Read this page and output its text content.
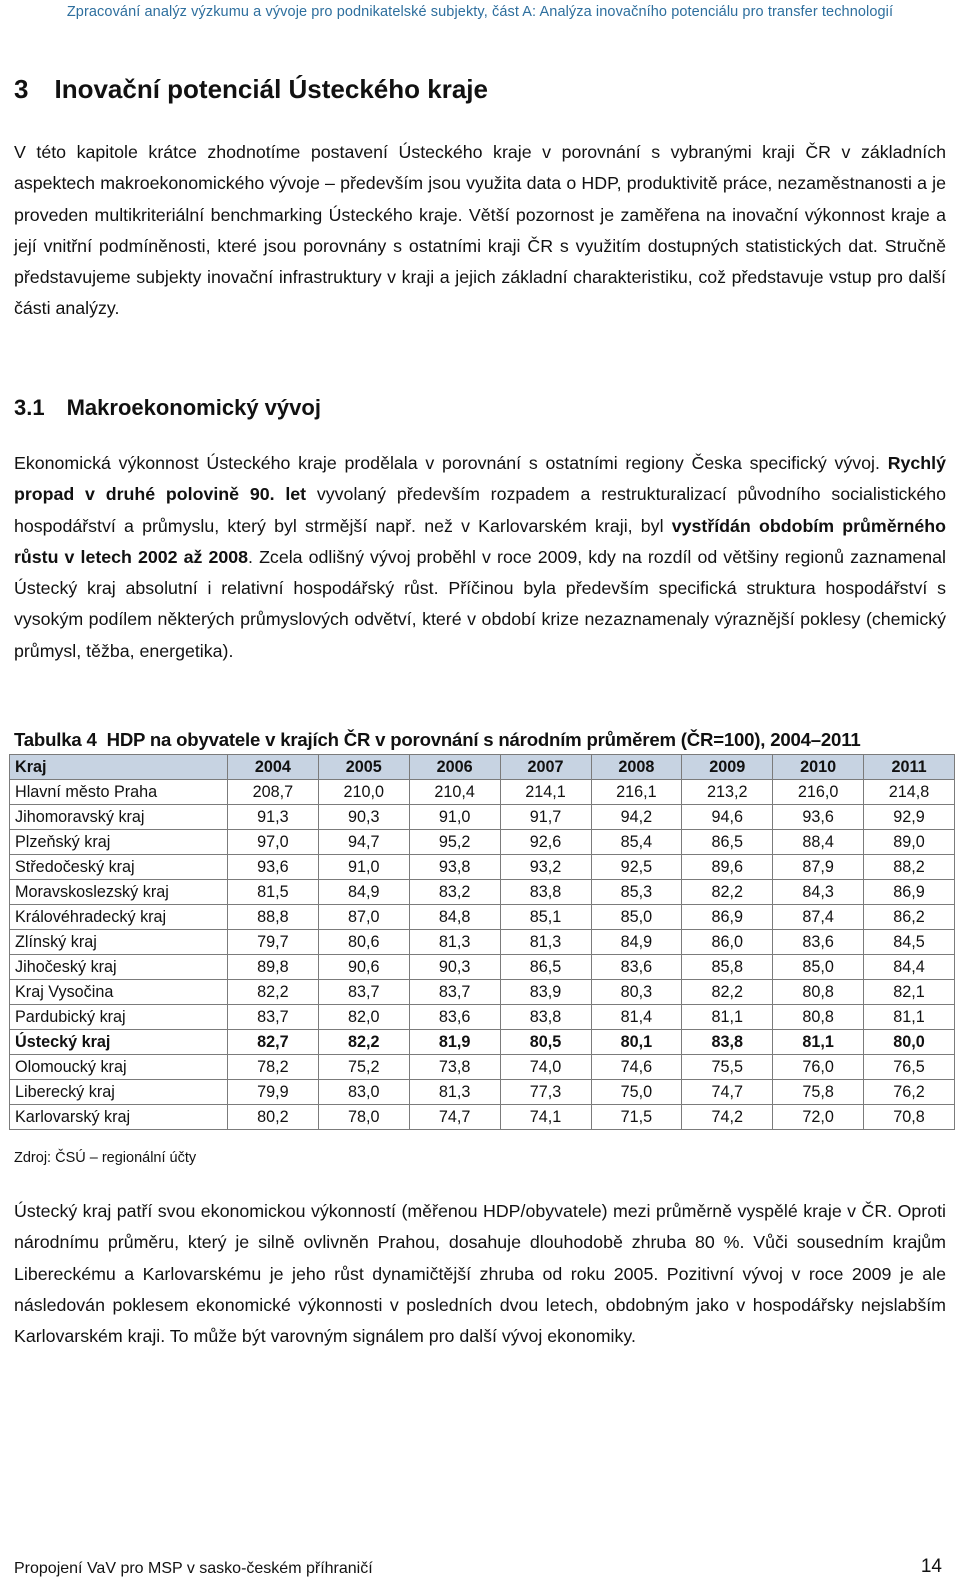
Zpracování analýz výzkumu a vývoje pro podnikatelské subjekty, část A: Analýza inovačního potenciálu pro transfer technologií
3 Inovační potenciál Ústeckého kraje

V této kapitole krátce zhodnotíme postavení Ústeckého kraje v porovnání s vybranými kraji ČR v základních aspektech makroekonomického vývoje – především jsou využita data o HDP, produktivitě práce, nezaměstnanosti a je proveden multikriteriální benchmarking Ústeckého kraje. Větší pozornost je zaměřena na inovační výkonnost kraje a její vnitřní podmíněnosti, které jsou porovnány s ostatními kraji ČR s využitím dostupných statistických dat. Stručně představujeme subjekty inovační infrastruktury v kraji a jejich základní charakteristiku, což představuje vstup pro další části analýzy.

3.1 Makroekonomický vývoj

Ekonomická výkonnost Ústeckého kraje prodělala v porovnání s ostatními regiony Česka specifický vývoj. Rychlý propad v druhé polovině 90. let vyvolaný především rozpadem a restrukturalizací původního socialistického hospodářství a průmyslu, který byl strmější např. než v Karlovarském kraji, byl vystřídán obdobím průměrného růstu v letech 2002 až 2008. Zcela odlišný vývoj proběhl v roce 2009, kdy na rozdíl od většiny regionů zaznamenal Ústecký kraj absolutní i relativní hospodářský růst. Příčinou byla především specifická struktura hospodářství s vysokým podílem některých průmyslových odvětví, které v období krize nezaznamenaly výraznější poklesy (chemický průmysl, těžba, energetika).

Tabulka 4 HDP na obyvatele v krajích ČR v porovnání s národním průměrem (ČR=100), 2004–2011
Kraj	2004	2005	2006	2007	2008	2009	2010	2011
Hlavní město Praha	208,7	210,0	210,4	214,1	216,1	213,2	216,0	214,8
Jihomoravský kraj	91,3	90,3	91,0	91,7	94,2	94,6	93,6	92,9
Plzeňský kraj	97,0	94,7	95,2	92,6	85,4	86,5	88,4	89,0
Středočeský kraj	93,6	91,0	93,8	93,2	92,5	89,6	87,9	88,2
Moravskoslezský kraj	81,5	84,9	83,2	83,8	85,3	82,2	84,3	86,9
Královéhradecký kraj	88,8	87,0	84,8	85,1	85,0	86,9	87,4	86,2
Zlínský kraj	79,7	80,6	81,3	81,3	84,9	86,0	83,6	84,5
Jihočeský kraj	89,8	90,6	90,3	86,5	83,6	85,8	85,0	84,4
Kraj Vysočina	82,2	83,7	83,7	83,9	80,3	82,2	80,8	82,1
Pardubický kraj	83,7	82,0	83,6	83,8	81,4	81,1	80,8	81,1
Ústecký kraj	82,7	82,2	81,9	80,5	80,1	83,8	81,1	80,0
Olomoucký kraj	78,2	75,2	73,8	74,0	74,6	75,5	76,0	76,5
Liberecký kraj	79,9	83,0	81,3	77,3	75,0	74,7	75,8	76,2
Karlovarský kraj	80,2	78,0	74,7	74,1	71,5	74,2	72,0	70,8
Zdroj: ČSÚ – regionální účty

Ústecký kraj patří svou ekonomickou výkonností (měřenou HDP/obyvatele) mezi průměrně vyspělé kraje v ČR. Oproti národnímu průměru, který je silně ovlivněn Prahou, dosahuje dlouhodobě zhruba 80 %. Vůči sousedním krajům Libereckému a Karlovarskému je jeho růst dynamičtější zhruba od roku 2005. Pozitivní vývoj v roce 2009 je ale následován poklesem ekonomické výkonnosti v posledních dvou letech, obdobným jako v hospodářsky nejslabším Karlovarském kraji. To může být varovným signálem pro další vývoj ekonomiky.

Propojení VaV pro MSP v sasko-českém příhraničí	14
